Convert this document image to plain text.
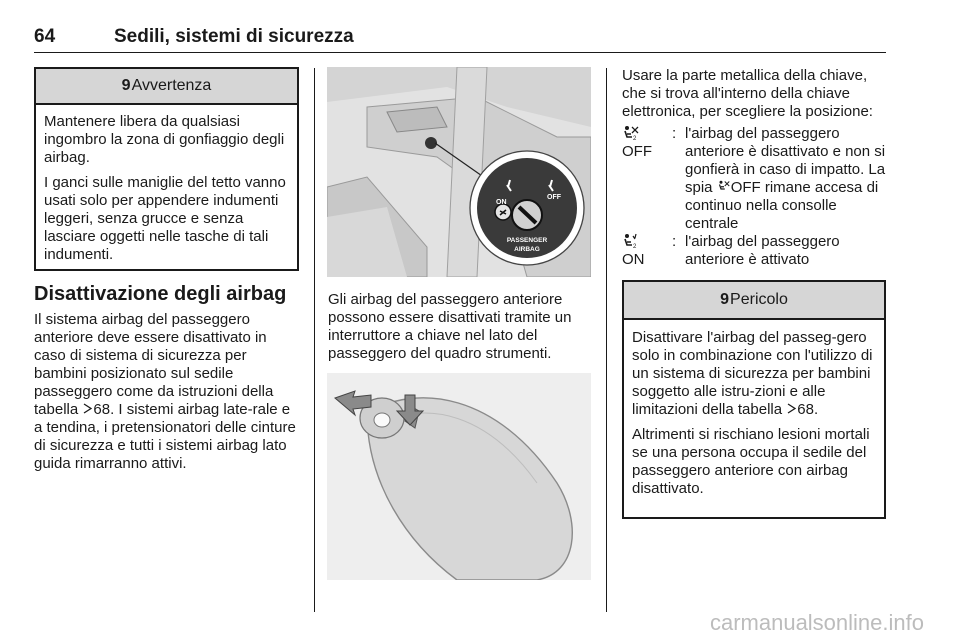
64	Sedili, sistemi di sicurezza
9 Avvertenza

Mantenere libera da qualsiasi ingombro la zona di gonfiaggio degli airbag.

I ganci sulle maniglie del tetto vanno usati solo per appendere indumenti leggeri, senza grucce e senza lasciare oggetti nelle tasche di tali indumenti.

Disattivazione degli airbag

Il sistema airbag del passeggero anteriore deve essere disattivato in caso di sistema di sicurezza per bambini posizionato sul sedile passeggero come da istruzioni della tabella 68. I sistemi airbag late-rale e a tendina, i pretensionatori delle cinture di sicurezza e tutti i sistemi airbag lato guida rimarranno attivi.

ON
OFF
PASSENGER
AIRBAG

Gli airbag del passeggero anteriore possono essere disattivati tramite un interruttore a chiave nel lato del passeggero del quadro strumenti.

Usare la parte metallica della chiave, che si trova all'interno della chiave elettronica, per scegliere la posizione:

2
OFF
: l'airbag del passeggero anteriore è disattivato e non si gonfierà in caso di impatto. La spia OFF rimane accesa di continuo nella consolle centrale
2
ON
: l'airbag del passeggero anteriore è attivato
9 Pericolo

Disattivare l'airbag del passeg-gero solo in combinazione con l'utilizzo di un sistema di sicurezza per bambini soggetto alle istru-zioni e alle limitazioni della tabella 68.

Altrimenti si rischiano lesioni mortali se una persona occupa il sedile del passeggero anteriore con airbag disattivato.

carmanualsonline.info
